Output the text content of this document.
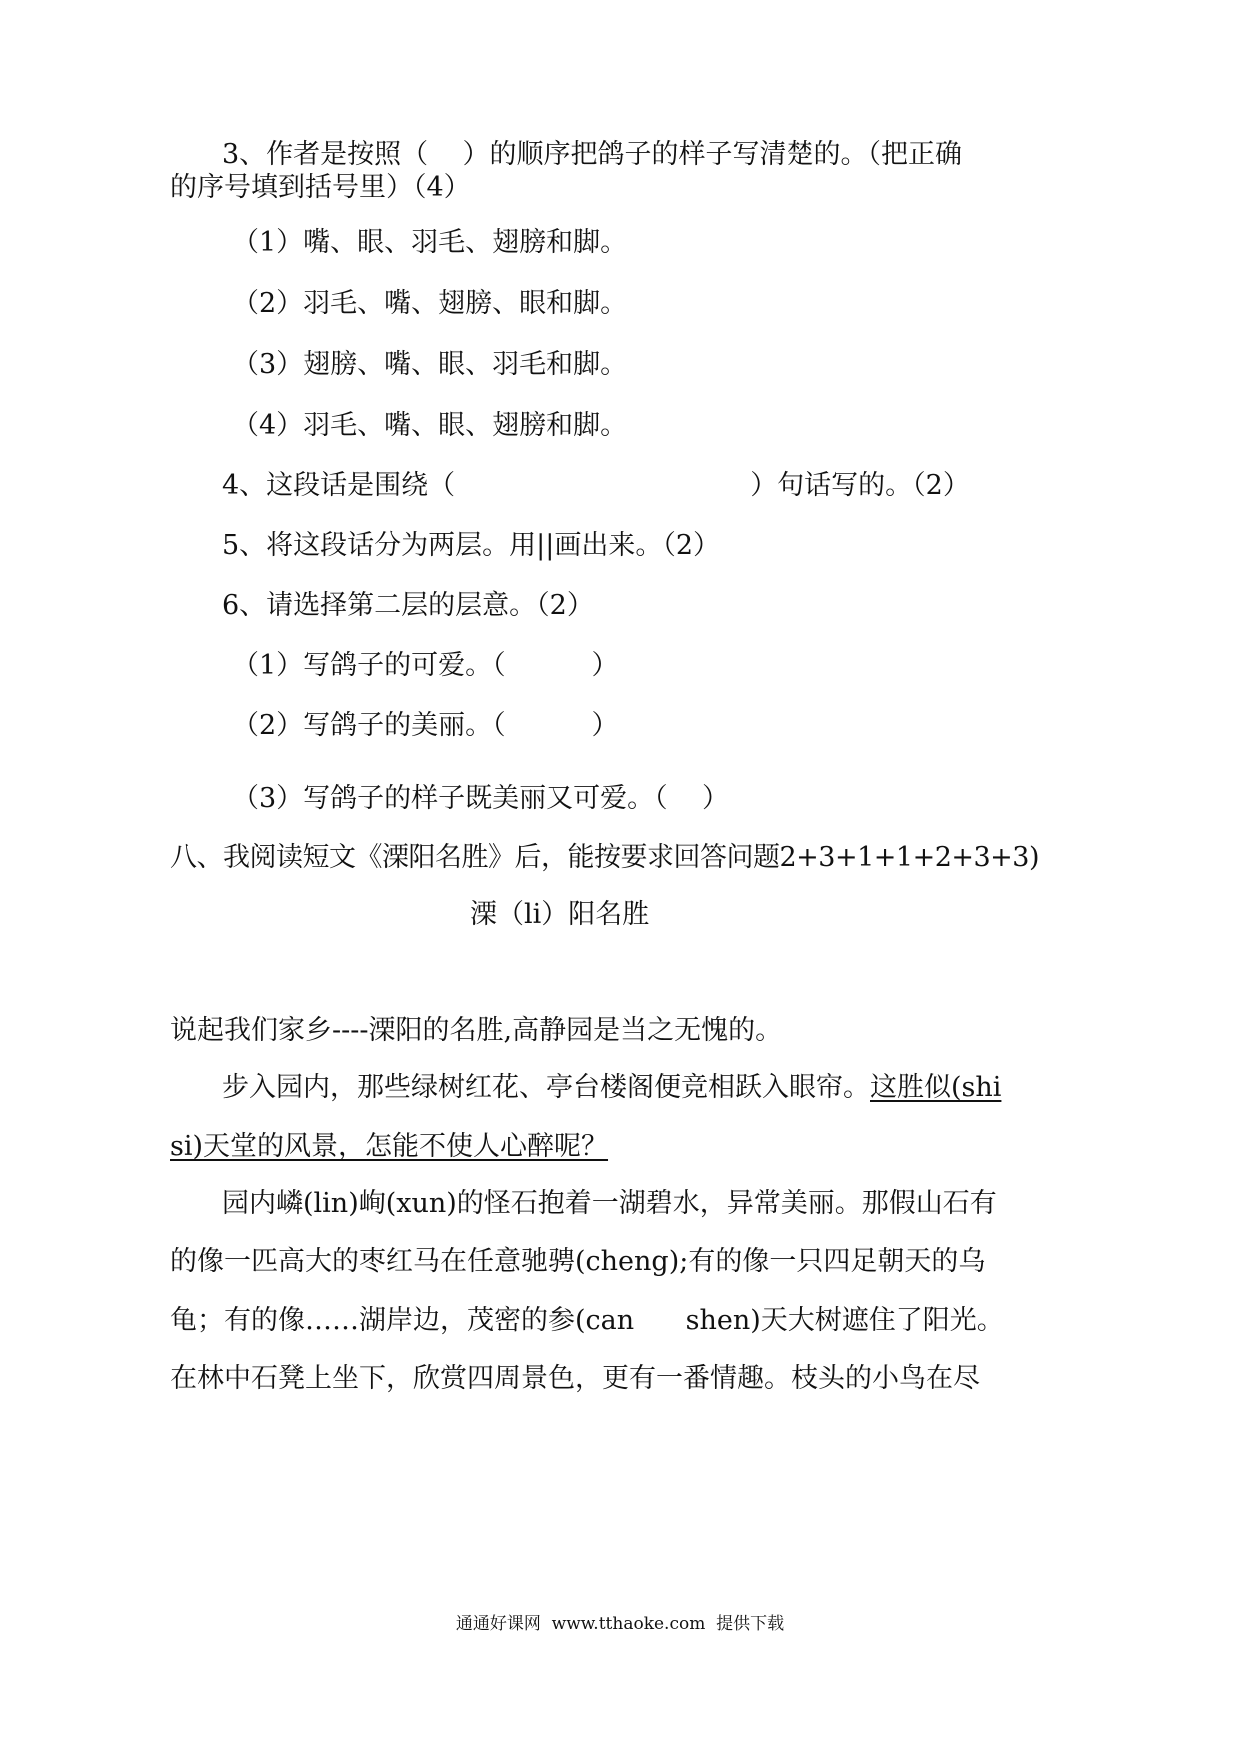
3、作者是按照（    ）的顺序把鸽子的样子写清楚的。（把正确
的序号填到括号里）（4）
（1）嘴、眼、羽毛、翅膀和脚。
（2）羽毛、嘴、翅膀、眼和脚。
（3）翅膀、嘴、眼、羽毛和脚。
（4）羽毛、嘴、眼、翅膀和脚。
4、这段话是围绕（	）句话写的。（2）
5、将这段话分为两层。用||画出来。（2）
6、请选择第二层的层意。（2）
（1）写鸽子的可爱。（          ）
（2）写鸽子的美丽。（          ）
（3）写鸽子的样子既美丽又可爱。（    ）
八、我阅读短文《溧阳名胜》后，能按要求回答问题2+3+1+1+2+3+3)
溧（li）阳名胜
说起我们家乡----溧阳的名胜,高静园是当之无愧的。
步入园内，那些绿树红花、亭台楼阁便竞相跃入眼帘。这胜似(shi
si)天堂的风景，怎能不使人心醉呢？
园内嶙(lin)峋(xun)的怪石抱着一湖碧水，异常美丽。那假山石有
的像一匹高大的枣红马在任意驰骋(cheng);有的像一只四足朝天的乌
龟；有的像……湖岸边，茂密的参(can      shen)天大树遮住了阳光。
在林中石凳上坐下，欣赏四周景色，更有一番情趣。枝头的小鸟在尽
通通好课网  www.tthaoke.com  提供下载
